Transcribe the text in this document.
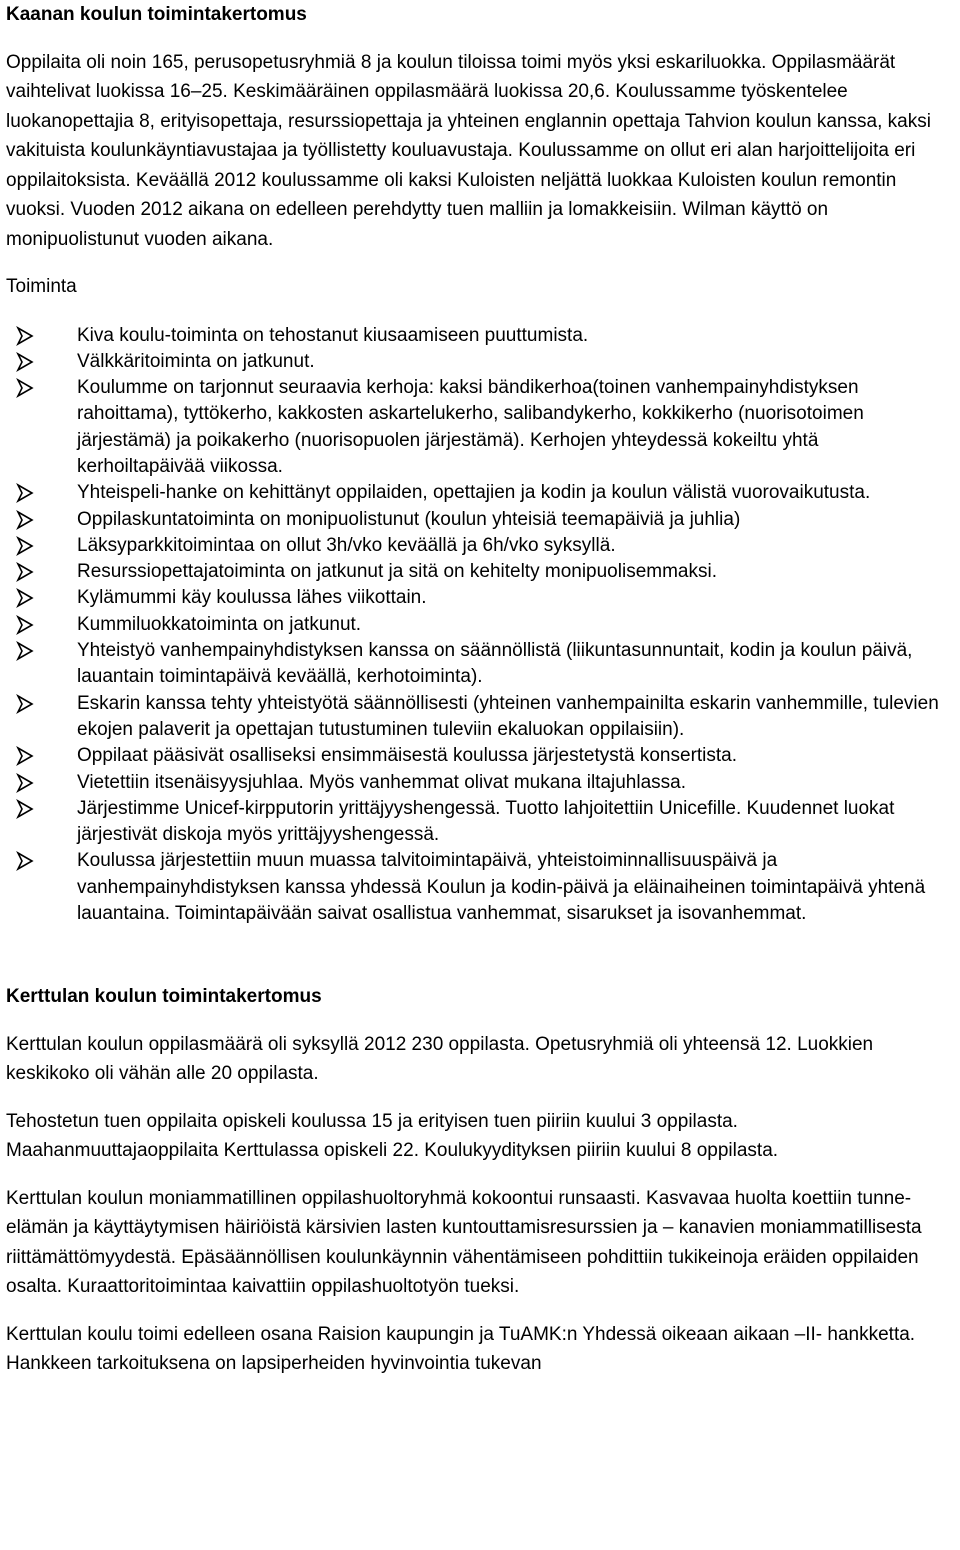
Kaanan koulun toimintakertomus

Oppilaita oli noin 165, perusopetusryhmiä 8 ja koulun tiloissa toimi myös yksi eskariluokka. Oppilasmäärät vaihtelivat luokissa 16–25. Keskimääräinen oppilasmäärä luokissa 20,6. Koulussamme työskentelee luokanopettajia 8, erityisopettaja, resurssiopettaja ja yhteinen englannin opettaja Tahvion koulun kanssa, kaksi vakituista koulunkäyntiavustajaa ja työllistetty kouluavustaja. Koulussamme on ollut eri alan harjoittelijoita eri oppilaitoksista. Keväällä 2012 koulussamme oli kaksi Kuloisten neljättä luokkaa Kuloisten koulun remontin vuoksi. Vuoden 2012 aikana on edelleen perehdytty tuen malliin ja lomakkeisiin. Wilman käyttö on monipuolistunut vuoden aikana.

Toiminta

Kiva koulu-toiminta on tehostanut kiusaamiseen puuttumista.
Välkkäritoiminta on jatkunut.
Koulumme on tarjonnut seuraavia kerhoja: kaksi bändikerhoa(toinen vanhempainyhdistyksen rahoittama), tyttökerho, kakkosten askartelukerho, salibandykerho, kokkikerho (nuorisotoimen järjestämä) ja poikakerho (nuorisopuolen järjestämä). Kerhojen yhteydessä kokeiltu yhtä kerhoiltapäivää viikossa.
Yhteispeli-hanke on kehittänyt oppilaiden, opettajien ja kodin ja koulun välistä vuorovaikutusta.
Oppilaskuntatoiminta on monipuolistunut (koulun yhteisiä teemapäiviä ja juhlia)
Läksyparkkitoimintaa on ollut 3h/vko keväällä ja 6h/vko syksyllä.
Resurssiopettajatoiminta on jatkunut ja sitä on kehitelty monipuolisemmaksi.
Kylämummi käy koulussa lähes viikottain.
Kummiluokkatoiminta on jatkunut.
Yhteistyö vanhempainyhdistyksen kanssa on säännöllistä (liikuntasunnuntait, kodin ja koulun päivä, lauantain toimintapäivä keväällä, kerhotoiminta).
Eskarin kanssa tehty yhteistyötä säännöllisesti (yhteinen vanhempainilta eskarin vanhemmille, tulevien ekojen palaverit ja opettajan tutustuminen tuleviin ekaluokan oppilaisiin).
Oppilaat pääsivät osalliseksi ensimmäisestä koulussa järjestetystä konsertista.
Vietettiin itsenäisyysjuhlaa. Myös vanhemmat olivat mukana iltajuhlassa.
Järjestimme Unicef-kirpputorin yrittäjyyshengessä. Tuotto lahjoitettiin Unicefille. Kuudennet luokat järjestivät diskoja myös yrittäjyyshengessä.
Koulussa järjestettiin muun muassa talvitoimintapäivä, yhteistoiminnallisuuspäivä ja vanhempainyhdistyksen kanssa yhdessä Koulun ja kodin-päivä ja eläinaiheinen toimintapäivä yhtenä lauantaina. Toimintapäivään saivat osallistua vanhemmat, sisarukset ja isovanhemmat.
Kerttulan koulun toimintakertomus

Kerttulan koulun oppilasmäärä oli syksyllä 2012 230 oppilasta. Opetusryhmiä oli yhteensä 12. Luokkien keskikoko oli vähän alle 20 oppilasta.

Tehostetun tuen oppilaita opiskeli koulussa 15 ja erityisen tuen piiriin kuului 3 oppilasta. Maahanmuuttajaoppilaita Kerttulassa opiskeli 22. Koulukyydityksen piiriin kuului 8 oppilasta.

Kerttulan koulun moniammatillinen oppilashuoltoryhmä kokoontui runsaasti. Kasvavaa huolta koettiin tunne-elämän ja käyttäytymisen häiriöistä kärsivien lasten kuntouttamisresurssien ja – kanavien moniammatillisesta riittämättömyydestä. Epäsäännöllisen koulunkäynnin vähentämiseen pohdittiin tukikeinoja eräiden oppilaiden osalta. Kuraattoritoimintaa kaivattiin oppilashuoltotyön tueksi.

Kerttulan koulu toimi edelleen osana Raision kaupungin ja TuAMK:n Yhdessä oikeaan aikaan –II- hankketta. Hankkeen tarkoituksena on lapsiperheiden hyvinvointia tukevan
